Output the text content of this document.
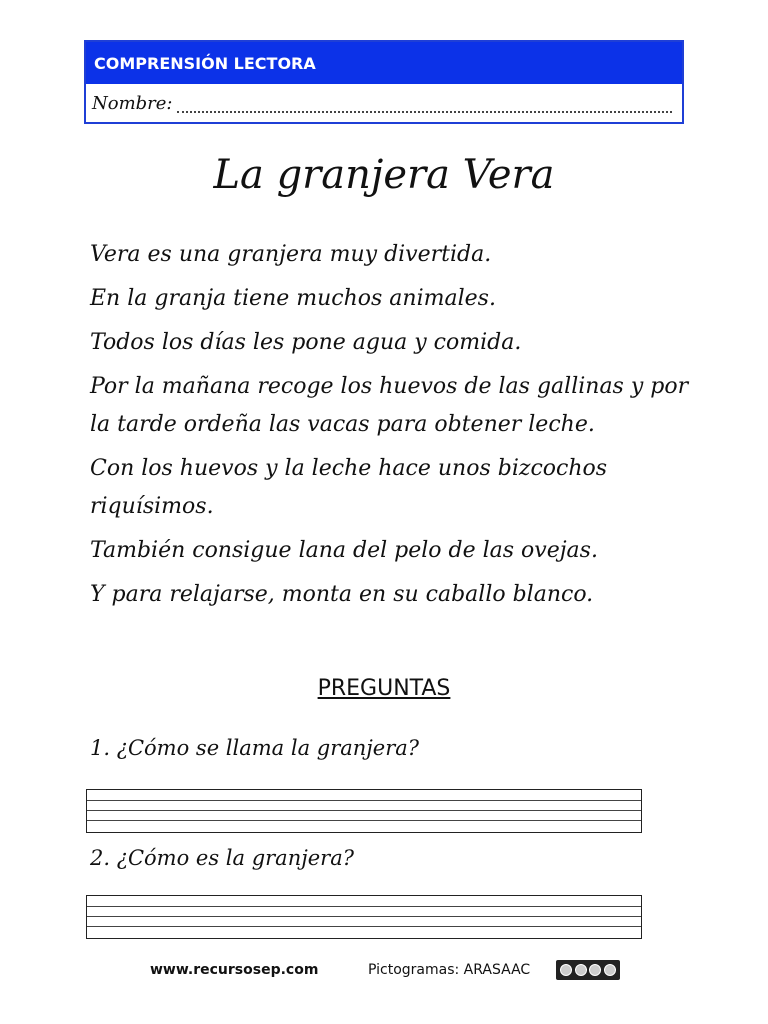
COMPRENSIÓN LECTORA
Nombre:
La granjera Vera
Vera es una granjera muy divertida.
En la granja tiene muchos animales.
Todos los días les pone agua y comida.
Por la mañana recoge los huevos de las gallinas y por la tarde ordeña las vacas para obtener leche.
Con los huevos y la leche hace unos bizcochos riquísimos.
También consigue lana del pelo de las ovejas.
Y para relajarse, monta en su caballo blanco.
PREGUNTAS
1. ¿Cómo se llama la granjera?
2. ¿Cómo es la granjera?
www.recursosep.com	Pictogramas: ARASAAC
